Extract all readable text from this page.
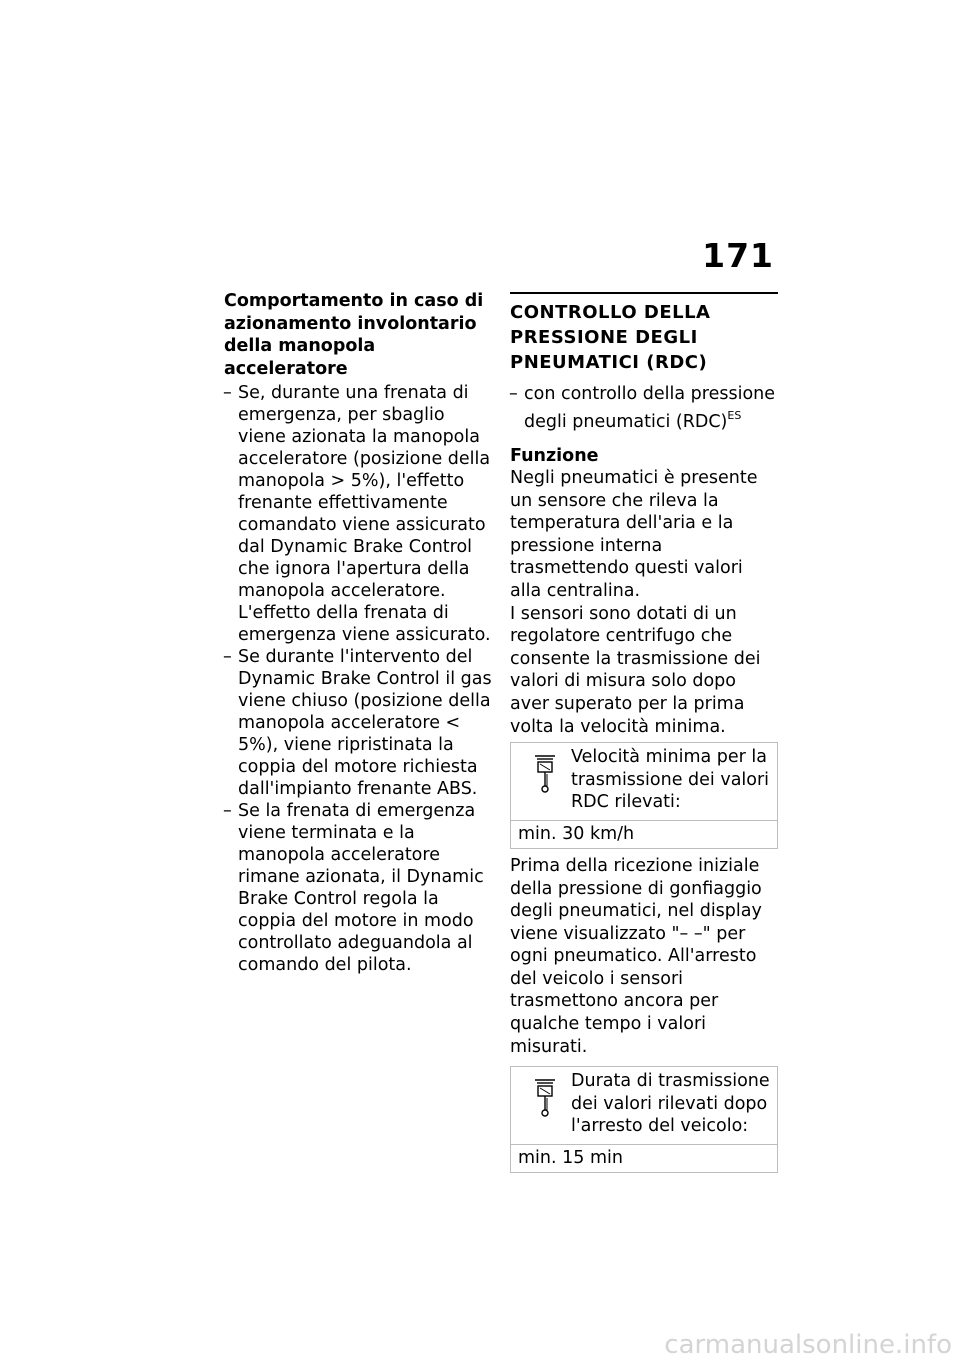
171
Comportamento in caso di azionamento involontario della manopola acceleratore
– Se, durante una frenata di emergenza, per sbaglio viene azionata la manopola acceleratore (posizione della manopola > 5%), l'effetto frenante effettivamente comandato viene assicurato dal Dynamic Brake Control che ignora l'apertura della manopola acceleratore. L'effetto della frenata di emergenza viene assicurato.
– Se durante l'intervento del Dynamic Brake Control il gas viene chiuso (posizione della manopola acceleratore < 5%), viene ripristinata la coppia del motore richiesta dall'impianto frenante ABS.
– Se la frenata di emergenza viene terminata e la manopola acceleratore rimane azionata, il Dynamic Brake Control regola la coppia del motore in modo controllato adeguandola al comando del pilota.
CONTROLLO DELLA PRESSIONE DEGLI PNEUMATICI (RDC)
– con controllo della pressione degli pneumatici (RDC)$^{ES}$
Funzione

Negli pneumatici è presente un sensore che rileva la temperatura dell'aria e la pressione interna trasmettendo questi valori alla centralina.

I sensori sono dotati di un regolatore centrifugo che consente la trasmissione dei valori di misura solo dopo aver superato per la prima volta la velocità minima.

Velocità minima per la trasmissione dei valori RDC rilevati:
min. 30 km/h

Prima della ricezione iniziale della pressione di gonfiaggio degli pneumatici, nel display viene visualizzato "– –" per ogni pneumatico. All'arresto del veicolo i sensori trasmettono ancora per qualche tempo i valori misurati.

Durata di trasmissione dei valori rilevati dopo l'arresto del veicolo:
min. 15 min
carmanualsonline.info
